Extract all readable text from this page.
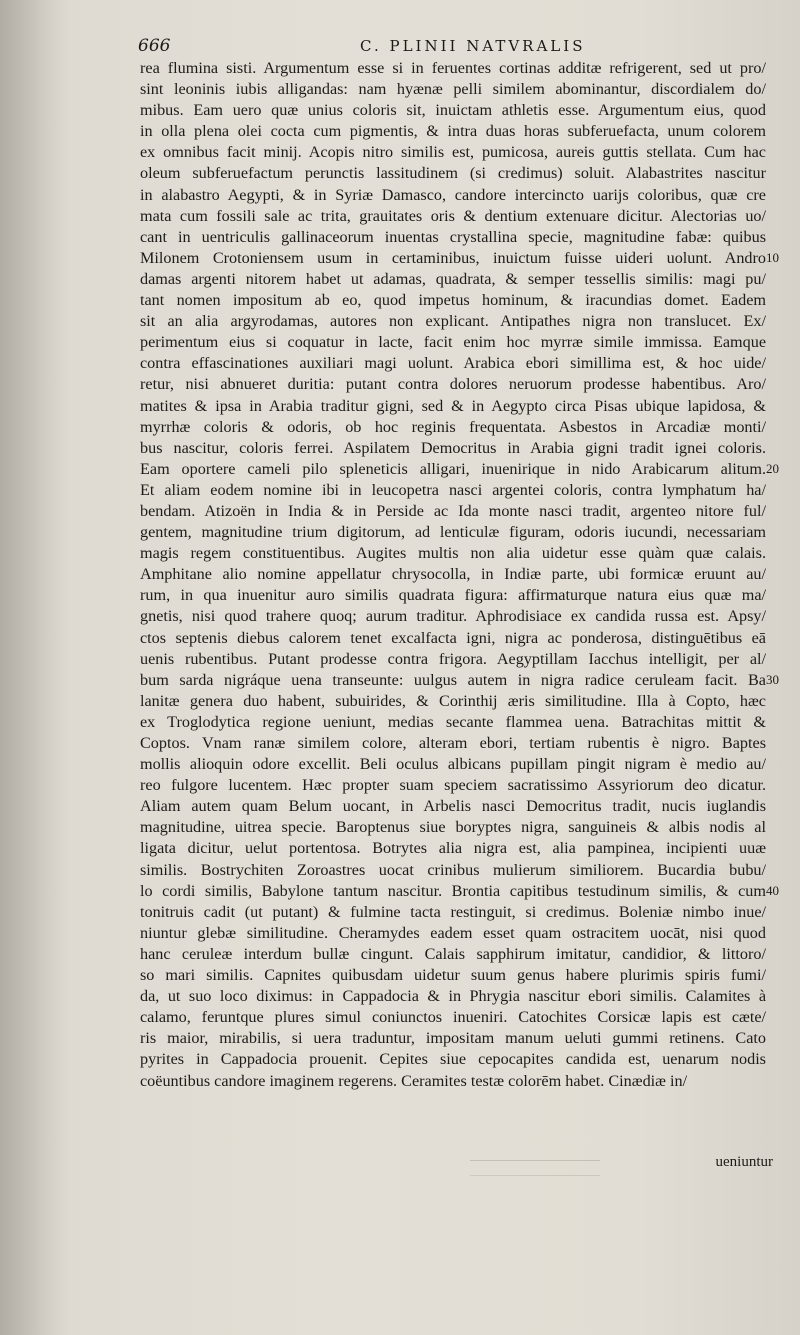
666	C. PLINII NATVRALIS
rea flumina sisti. Argumentum esse si in feruentes cortinas additæ refrigerent, sed ut pro/
sint leoninis iubis alligandas: nam hyænæ pelli similem abominantur, discordialem do/
mibus. Eam uero quæ unius coloris sit, inuictam athletis esse. Argumentum eius, quod
in olla plena olei cocta cum pigmentis, & intra duas horas subferuefacta, unum colorem
ex omnibus facit minij. Acopis nitro similis est, pumicosa, aureis guttis stellata. Cum hac
oleum subferuefactum perunctis lassitudinem (si credimus) soluit. Alabastrites nascitur
in alabastro Aegypti, & in Syriæ Damasco, candore intercincto uarijs coloribus, quæ cre
mata cum fossili sale ac trita, grauitates oris & dentium extenuare dicitur. Alectorias uo/
cant in uentriculis gallinaceorum inuentas crystallina specie, magnitudine fabæ: quibus
Milonem Crotoniensem usum in certaminibus, inuictum fuisse uideri uolunt. Andro
damas argenti nitorem habet ut adamas, quadrata, & semper tessellis similis: magi pu/
tant nomen impositum ab eo, quod impetus hominum, & iracundias domet. Eadem
sit an alia argyrodamas, autores non explicant. Antipathes nigra non translucet. Ex/
perimentum eius si coquatur in lacte, facit enim hoc myrræ simile immissa. Eamque
contra effascinationes auxiliari magi uolunt. Arabica ebori simillima est, & hoc uide/
retur, nisi abnueret duritia: putant contra dolores neruorum prodesse habentibus. Aro/
matites & ipsa in Arabia traditur gigni, sed & in Aegypto circa Pisas ubique lapidosa, &
myrrhæ coloris & odoris, ob hoc reginis frequentata. Asbestos in Arcadiæ monti/
bus nascitur, coloris ferrei. Aspilatem Democritus in Arabia gigni tradit ignei coloris.
Eam oportere cameli pilo spleneticis alligari, inuenirique in nido Arabicarum alitum.
Et aliam eodem nomine ibi in leucopetra nasci argentei coloris, contra lymphatum ha/
bendam. Atizoën in India & in Perside ac Ida monte nasci tradit, argenteo nitore ful/
gentem, magnitudine trium digitorum, ad lenticulæ figuram, odoris iucundi, necessariam
magis regem constituentibus. Augites multis non alia uidetur esse quàm quæ calais.
Amphitane alio nomine appellatur chrysocolla, in Indiæ parte, ubi formicæ eruunt au/
rum, in qua inuenitur auro similis quadrata figura: affirmaturque natura eius quæ ma/
gnetis, nisi quod trahere quoq; aurum traditur. Aphrodisiace ex candida russa est. Apsy/
ctos septenis diebus calorem tenet excalfacta igni, nigra ac ponderosa, distinguētibus eā
uenis rubentibus. Putant prodesse contra frigora. Aegyptillam Iacchus intelligit, per al/
bum sarda nigráque uena transeunte: uulgus autem in nigra radice ceruleam facit. Ba
lanitæ genera duo habent, subuirides, & Corinthij æris similitudine. Illa à Copto, hæc
ex Troglodytica regione ueniunt, medias secante flammea uena. Batrachitas mittit &
Coptos. Vnam ranæ similem colore, alteram ebori, tertiam rubentis è nigro. Baptes
mollis alioquin odore excellit. Beli oculus albicans pupillam pingit nigram è medio au/
reo fulgore lucentem. Hæc propter suam speciem sacratissimo Assyriorum deo dicatur.
Aliam autem quam Belum uocant, in Arbelis nasci Democritus tradit, nucis iuglandis
magnitudine, uitrea specie. Baroptenus siue boryptes nigra, sanguineis & albis nodis al
ligata dicitur, uelut portentosa. Botrytes alia nigra est, alia pampinea, incipienti uuæ
similis. Bostrychiten Zoroastres uocat crinibus mulierum similiorem. Bucardia bubu/
lo cordi similis, Babylone tantum nascitur. Brontia capitibus testudinum similis, & cum
tonitruis cadit (ut putant) & fulmine tacta restinguit, si credimus. Boleniæ nimbo inue/
niuntur glebæ similitudine. Cheramydes eadem esset quam ostracitem uocāt, nisi quod
hanc ceruleæ interdum bullæ cingunt. Calais sapphirum imitatur, candidior, & littoro/
so mari similis. Capnites quibusdam uidetur suum genus habere plurimis spiris fumi/
da, ut suo loco diximus: in Cappadocia & in Phrygia nascitur ebori similis. Calamites à
calamo, feruntque plures simul coniunctos inueniri. Catochites Corsicæ lapis est cæte/
ris maior, mirabilis, si uera traduntur, impositam manum ueluti gummi retinens. Cato
pyrites in Cappadocia prouenit. Cepites siue cepocapites candida est, uenarum nodis
coëuntibus candore imaginem regerens. Ceramites testæ colorēm habet. Cinædiæ in/
10
20
30
40
ueniuntur
